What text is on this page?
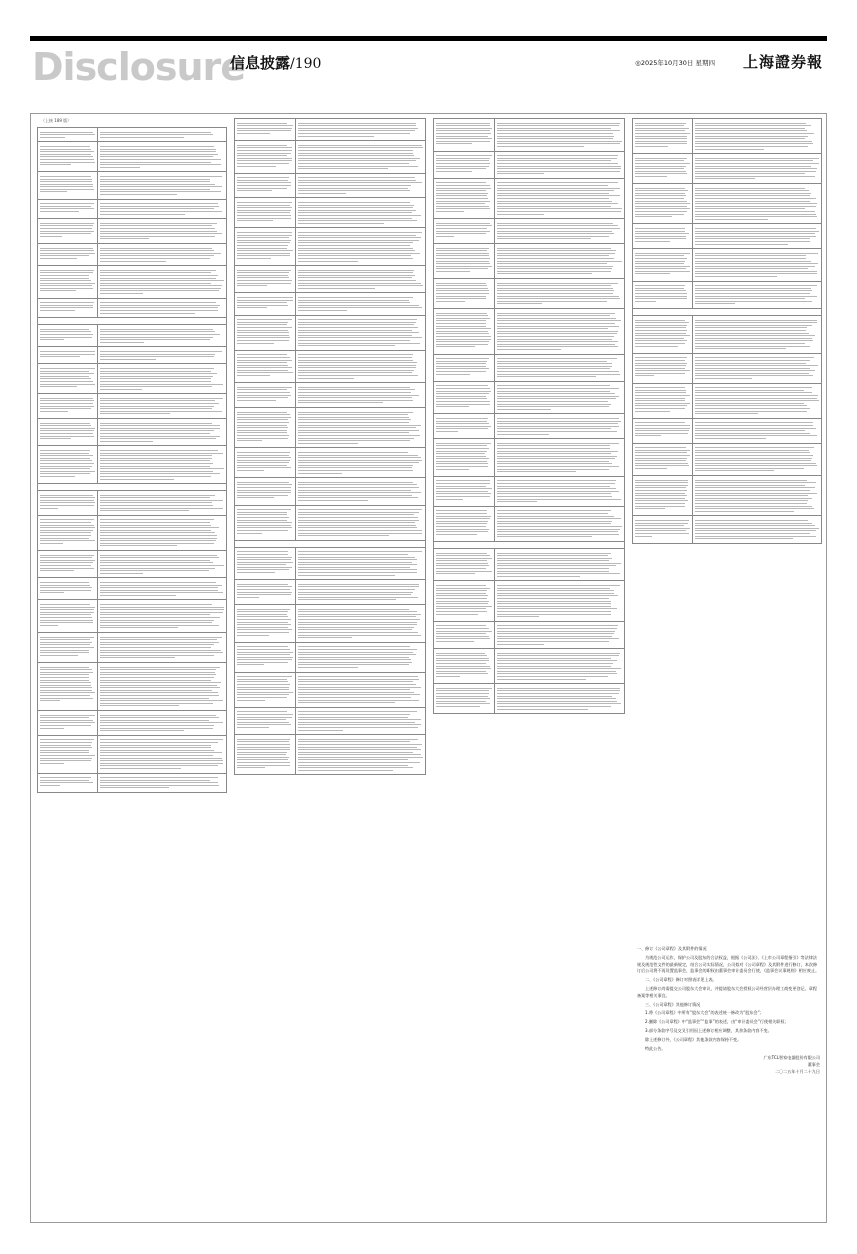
Disclosure
信息披露/190	◎2025年10月30日 星期四 上海證券報
（上接 189 版）

一、修订《公司章程》及其附件的情况

为规范公司运作，保护公司及股东的合法权益，根据《公司法》、《上市公司章程指引》等法律法规及规范性文件的最新规定，结合公司实际情况，公司拟对《公司章程》及其附件进行修订，本次修订后公司将不再设置监事会，监事会的职权由董事会审计委员会行使，《监事会议事规则》相应废止。

二、《公司章程》修订对照表详见上表。

上述修订尚需提交公司股东大会审议，并提请股东大会授权公司经营层办理工商变更登记、章程备案等相关事宜。

三、《公司章程》其他修订情况

1.将《公司章程》中所有“股东大会”的表述统一修改为“股东会”；

2.删除《公司章程》中“监事会”“监事”的表述，由“审计委员会”行使相关职权；

3.部分条款序号及交叉引用因上述修订相应调整，其余条款内容不变。

除上述修订外，《公司章程》其他条款内容保持不变。

特此公告。

广东TCL智家电器股份有限公司
董事会
二〇二五年十月二十九日
